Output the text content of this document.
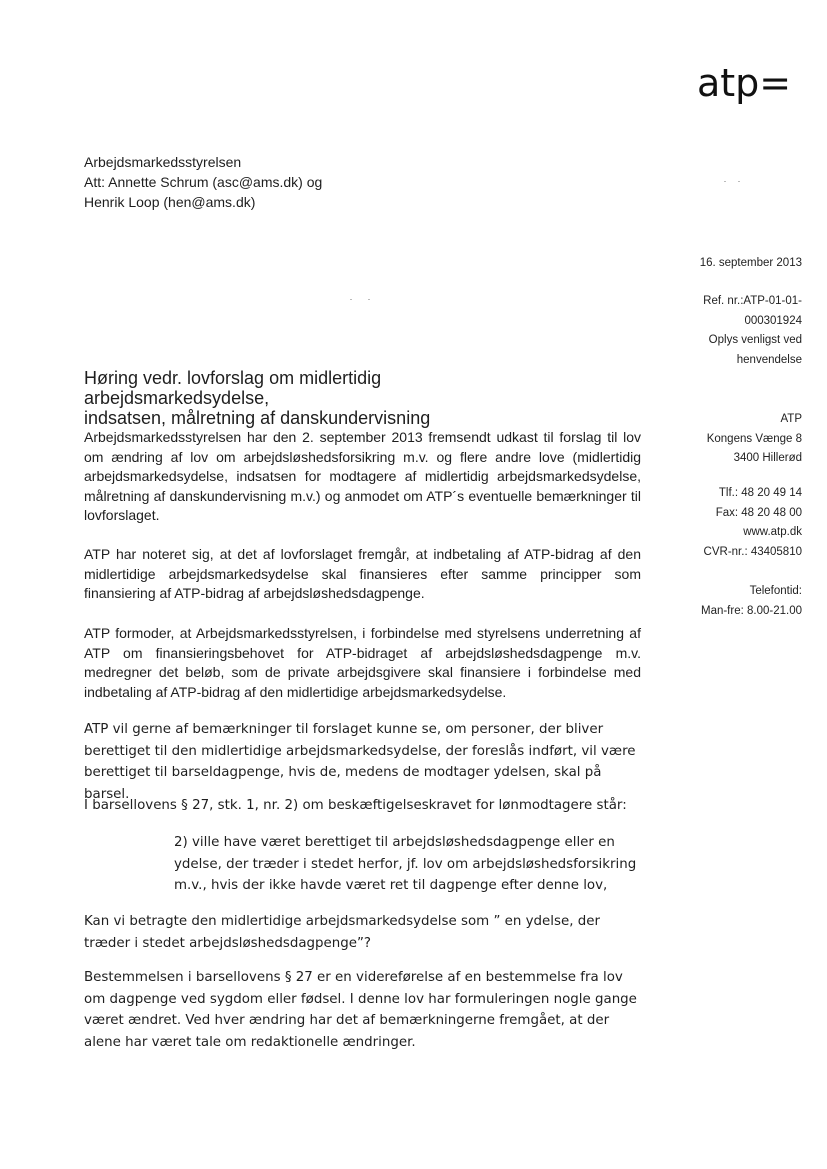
atp=
Arbejdsmarkedsstyrelsen
Att: Annette Schrum (asc@ams.dk) og
Henrik Loop (hen@ams.dk)
16. september 2013
Ref. nr.:ATP-01-01-
000301924
Oplys venligst ved
henvendelse
ATP
Kongens Vænge 8
3400 Hillerød
Tlf.: 48 20 49 14
Fax: 48 20 48 00
www.atp.dk
CVR-nr.: 43405810
Telefontid:
Man-fre: 8.00-21.00
Høring vedr. lovforslag om midlertidig arbejdsmarkedsydelse,
indsatsen, målretning af danskundervisning

Arbejdsmarkedsstyrelsen har den 2. september 2013 fremsendt udkast til forslag til lov om ændring af lov om arbejdsløshedsforsikring m.v. og flere andre love (midlertidig arbejdsmarkedsydelse, indsatsen for modtagere af midlertidig arbejdsmarkedsydelse, målretning af danskundervisning m.v.) og anmodet om ATP´s eventuelle bemærkninger til lovforslaget.

ATP har noteret sig, at det af lovforslaget fremgår, at indbetaling af ATP-bidrag af den midlertidige arbejdsmarkedsydelse skal finansieres efter samme principper som finansiering af ATP-bidrag af arbejdsløshedsdagpenge.

ATP formoder, at Arbejdsmarkedsstyrelsen, i forbindelse med styrelsens underretning af ATP om finansieringsbehovet for ATP-bidraget af arbejdsløshedsdagpenge m.v. medregner det beløb, som de private arbejdsgivere skal finansiere i forbindelse med indbetaling af ATP-bidrag af den midlertidige arbejdsmarkedsydelse.

ATP vil gerne af bemærkninger til forslaget kunne se, om personer, der bliver berettiget til den midlertidige arbejdsmarkedsydelse, der foreslås indført, vil være berettiget til barseldagpenge, hvis de, medens de modtager ydelsen, skal på barsel.

I barsellovens § 27, stk. 1, nr. 2) om beskæftigelseskravet for lønmodtagere står:

2) ville have været berettiget til arbejdsløshedsdagpenge eller en ydelse, der træder i stedet herfor, jf. lov om arbejdsløshedsforsikring m.v., hvis der ikke havde været ret til dagpenge efter denne lov,

Kan vi betragte den midlertidige arbejdsmarkedsydelse som ” en ydelse, der træder i stedet arbejdsløshedsdagpenge”?

Bestemmelsen i barsellovens § 27 er en videreførelse af en bestemmelse fra lov om dagpenge ved sygdom eller fødsel. I denne lov har formuleringen nogle gange været ændret. Ved hver ændring har det af bemærkningerne fremgået, at der alene har været tale om redaktionelle ændringer.
